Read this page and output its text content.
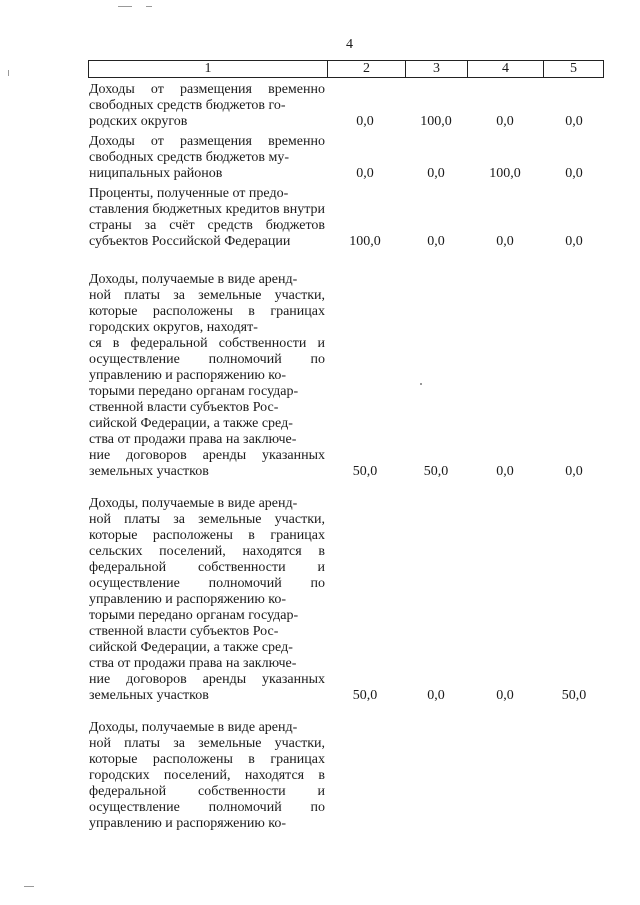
4
1	2	3	4	5
Доходы от размещения временно свободных средств бюджетов го-
родских округов	0,0	100,0	0,0	0,0
Доходы от размещения временно свободных средств бюджетов му-
ниципальных районов	0,0	0,0	100,0	0,0
Проценты, полученные от предо-
ставления бюджетных кредитов внутри страны за счёт средств бюджетов субъектов Российской Федерации	100,0	0,0	0,0	0,0
Доходы, получаемые в виде аренд-
ной платы за земельные участки, которые расположены в границах городских округов, находят-
ся в федеральной собственности и осуществление полномочий по управлению и распоряжению ко-
торыми передано органам государ-
ственной власти субъектов Рос-
сийской Федерации, а также сред-
ства от продажи права на заключе-
ние договоров аренды указанных земельных участков	50,0	50,0	0,0	0,0
Доходы, получаемые в виде аренд-
ной платы за земельные участки, которые расположены в границах сельских поселений, находятся в федеральной собственности и осуществление полномочий по управлению и распоряжению ко-
торыми передано органам государ-
ственной власти субъектов Рос-
сийской Федерации, а также сред-
ства от продажи права на заключе-
ние договоров аренды указанных земельных участков	50,0	0,0	0,0	50,0
Доходы, получаемые в виде аренд-
ной платы за земельные участки, которые расположены в границах городских поселений, находятся в федеральной собственности и осуществление полномочий по управлению и распоряжению ко-
